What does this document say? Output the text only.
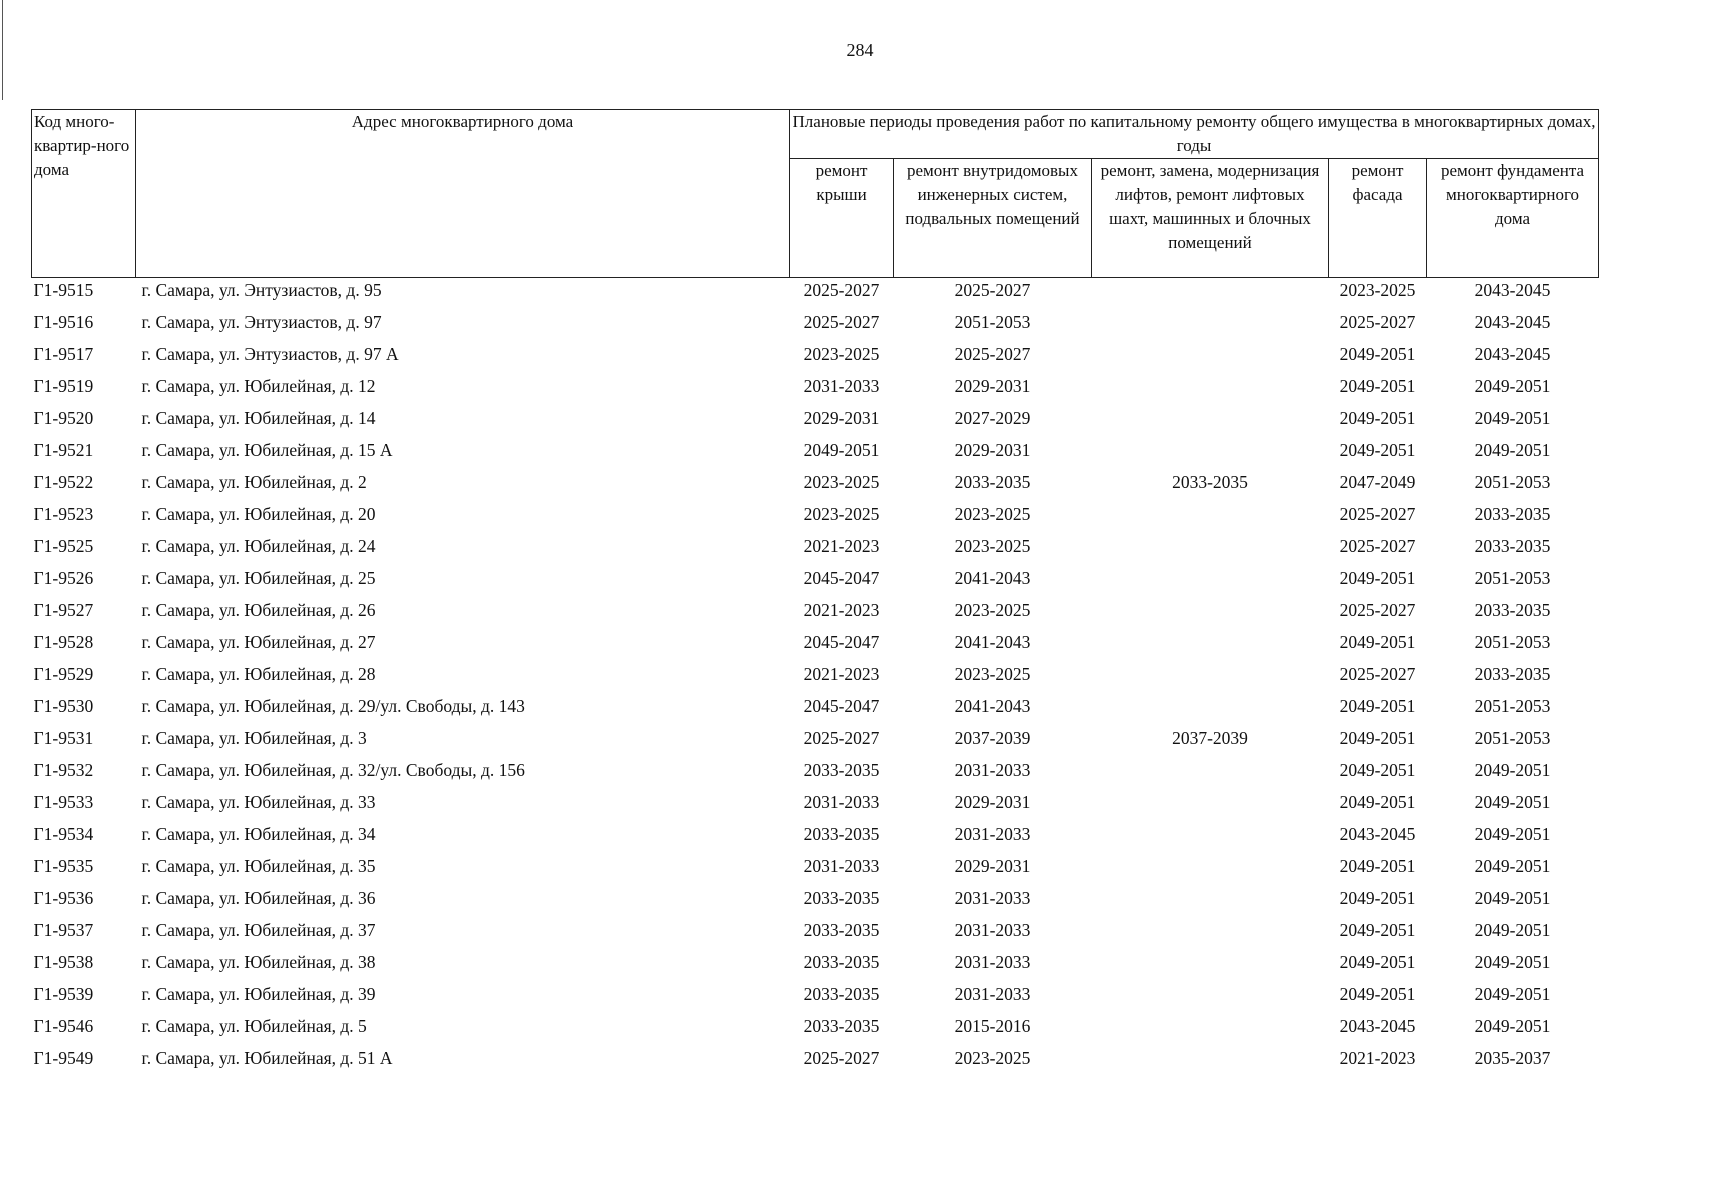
284
Код много-квартир-ного дома	Адрес многоквартирного дома	Плановые периоды проведения работ по капитальному ремонту общего имущества в многоквартирных домах, годы				
		ремонт крыши	ремонт внутридомовых инженерных систем, подвальных помещений	ремонт, замена, модернизация лифтов, ремонт лифтовых шахт, машинных и блочных помещений	ремонт фасада	ремонт фундамента многоквартирного дома
Г1-9515	г. Самара, ул. Энтузиастов, д. 95	2025-2027	2025-2027		2023-2025	2043-2045
Г1-9516	г. Самара, ул. Энтузиастов, д. 97	2025-2027	2051-2053		2025-2027	2043-2045
Г1-9517	г. Самара, ул. Энтузиастов, д. 97 А	2023-2025	2025-2027		2049-2051	2043-2045
Г1-9519	г. Самара, ул. Юбилейная, д. 12	2031-2033	2029-2031		2049-2051	2049-2051
Г1-9520	г. Самара, ул. Юбилейная, д. 14	2029-2031	2027-2029		2049-2051	2049-2051
Г1-9521	г. Самара, ул. Юбилейная, д. 15 А	2049-2051	2029-2031		2049-2051	2049-2051
Г1-9522	г. Самара, ул. Юбилейная, д. 2	2023-2025	2033-2035	2033-2035	2047-2049	2051-2053
Г1-9523	г. Самара, ул. Юбилейная, д. 20	2023-2025	2023-2025		2025-2027	2033-2035
Г1-9525	г. Самара, ул. Юбилейная, д. 24	2021-2023	2023-2025		2025-2027	2033-2035
Г1-9526	г. Самара, ул. Юбилейная, д. 25	2045-2047	2041-2043		2049-2051	2051-2053
Г1-9527	г. Самара, ул. Юбилейная, д. 26	2021-2023	2023-2025		2025-2027	2033-2035
Г1-9528	г. Самара, ул. Юбилейная, д. 27	2045-2047	2041-2043		2049-2051	2051-2053
Г1-9529	г. Самара, ул. Юбилейная, д. 28	2021-2023	2023-2025		2025-2027	2033-2035
Г1-9530	г. Самара, ул. Юбилейная, д. 29/ул. Свободы, д. 143	2045-2047	2041-2043		2049-2051	2051-2053
Г1-9531	г. Самара, ул. Юбилейная, д. 3	2025-2027	2037-2039	2037-2039	2049-2051	2051-2053
Г1-9532	г. Самара, ул. Юбилейная, д. 32/ул. Свободы, д. 156	2033-2035	2031-2033		2049-2051	2049-2051
Г1-9533	г. Самара, ул. Юбилейная, д. 33	2031-2033	2029-2031		2049-2051	2049-2051
Г1-9534	г. Самара, ул. Юбилейная, д. 34	2033-2035	2031-2033		2043-2045	2049-2051
Г1-9535	г. Самара, ул. Юбилейная, д. 35	2031-2033	2029-2031		2049-2051	2049-2051
Г1-9536	г. Самара, ул. Юбилейная, д. 36	2033-2035	2031-2033		2049-2051	2049-2051
Г1-9537	г. Самара, ул. Юбилейная, д. 37	2033-2035	2031-2033		2049-2051	2049-2051
Г1-9538	г. Самара, ул. Юбилейная, д. 38	2033-2035	2031-2033		2049-2051	2049-2051
Г1-9539	г. Самара, ул. Юбилейная, д. 39	2033-2035	2031-2033		2049-2051	2049-2051
Г1-9546	г. Самара, ул. Юбилейная, д. 5	2033-2035	2015-2016		2043-2045	2049-2051
Г1-9549	г. Самара, ул. Юбилейная, д. 51 А	2025-2027	2023-2025		2021-2023	2035-2037
